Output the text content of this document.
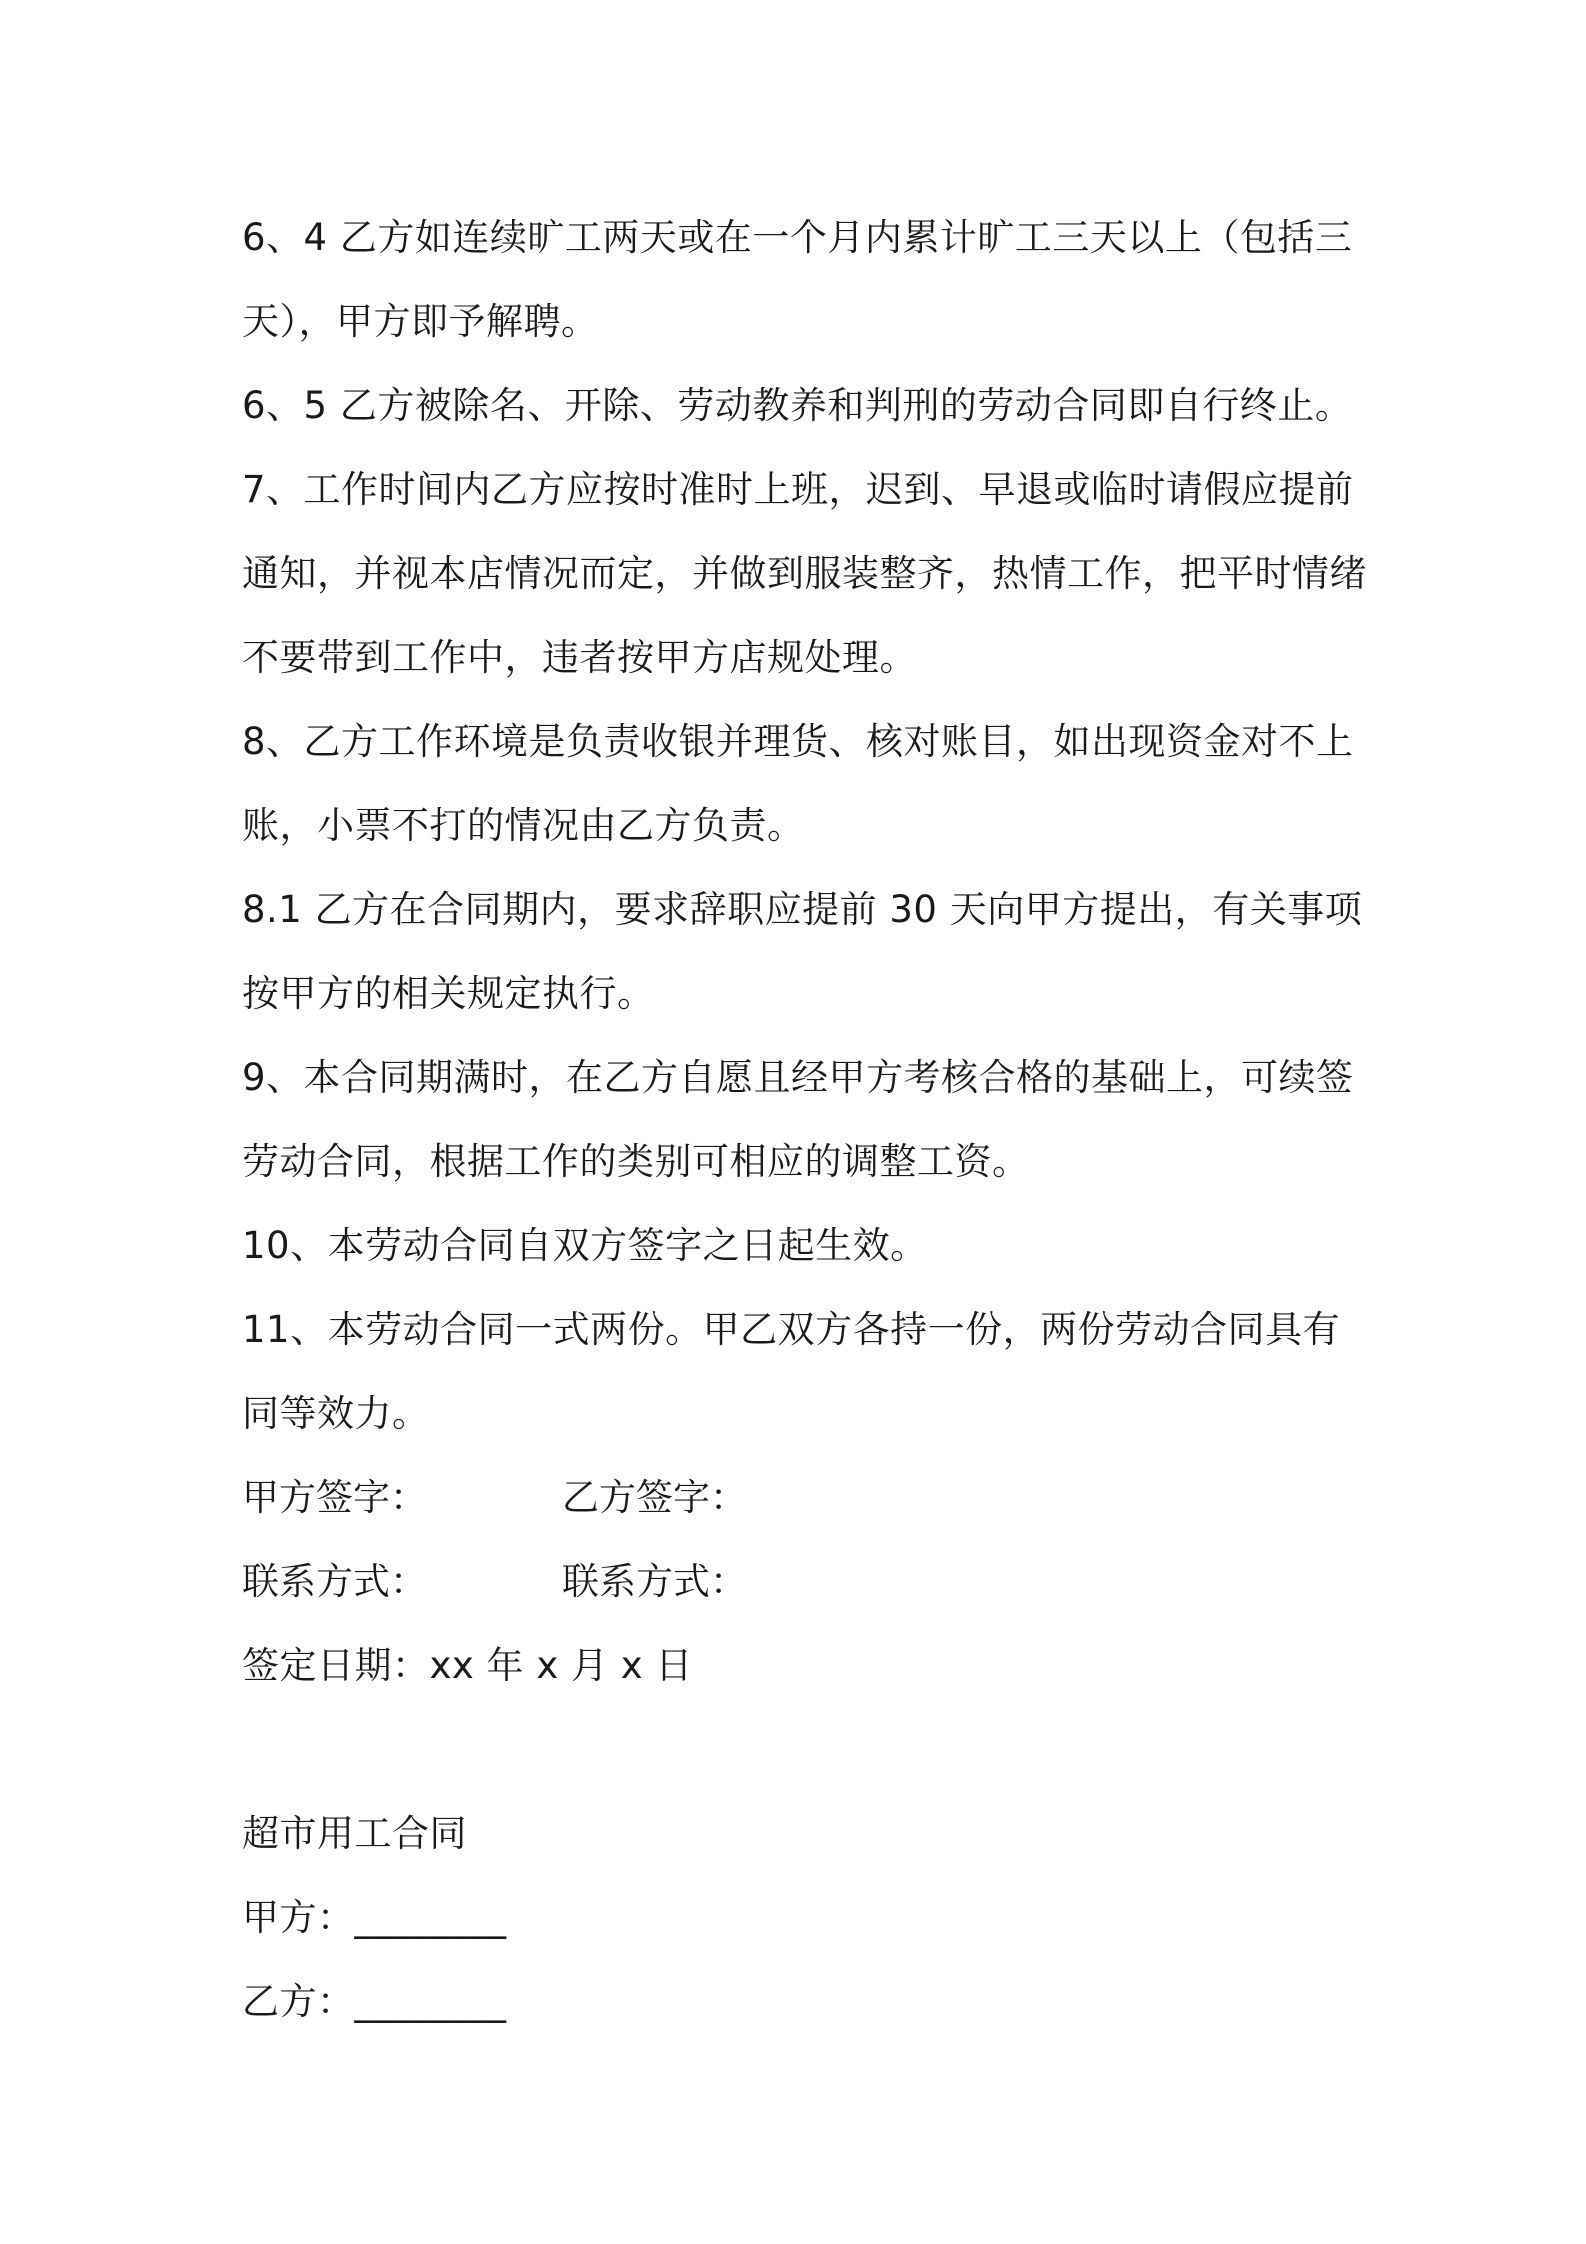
6、4 乙方如连续旷工两天或在一个月内累计旷工三天以上（包括三
天），甲方即予解聘。
6、5 乙方被除名、开除、劳动教养和判刑的劳动合同即自行终止。
7、工作时间内乙方应按时准时上班，迟到、早退或临时请假应提前
通知，并视本店情况而定，并做到服装整齐，热情工作，把平时情绪
不要带到工作中，违者按甲方店规处理。
8、乙方工作环境是负责收银并理货、核对账目，如出现资金对不上
账，小票不打的情况由乙方负责。
8.1 乙方在合同期内，要求辞职应提前 30 天向甲方提出，有关事项
按甲方的相关规定执行。
9、本合同期满时，在乙方自愿且经甲方考核合格的基础上，可续签
劳动合同，根据工作的类别可相应的调整工资。
10、本劳动合同自双方签字之日起生效。
11、本劳动合同一式两份。甲乙双方各持一份，两份劳动合同具有
同等效力。
甲方签字：	乙方签字：
联系方式：	联系方式：
签定日期：xx 年 x 月 x 日
超市用工合同
甲方：________
乙方：________
